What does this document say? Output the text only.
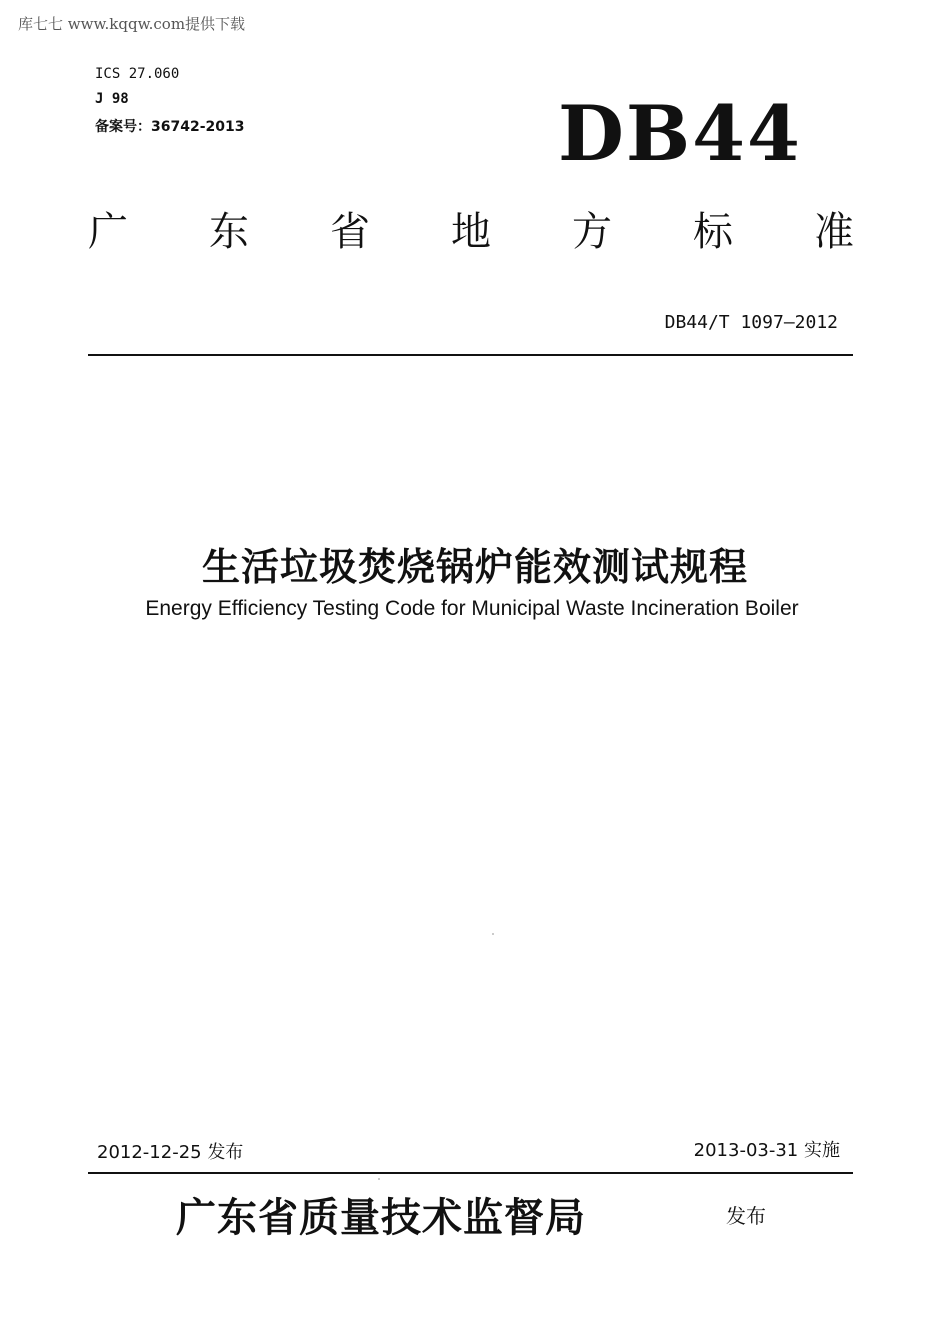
库七七 www.kqqw.com提供下载
ICS 27.060
J 98
备案号：36742-2013	DB44
广 东 省 地 方 标 准
DB44/T 1097—2012
生活垃圾焚烧锅炉能效测试规程
Energy Efficiency Testing Code for Municipal Waste Incineration Boiler
2012-12-25 发布	2013-03-31 实施
广东省质量技术监督局	发布
